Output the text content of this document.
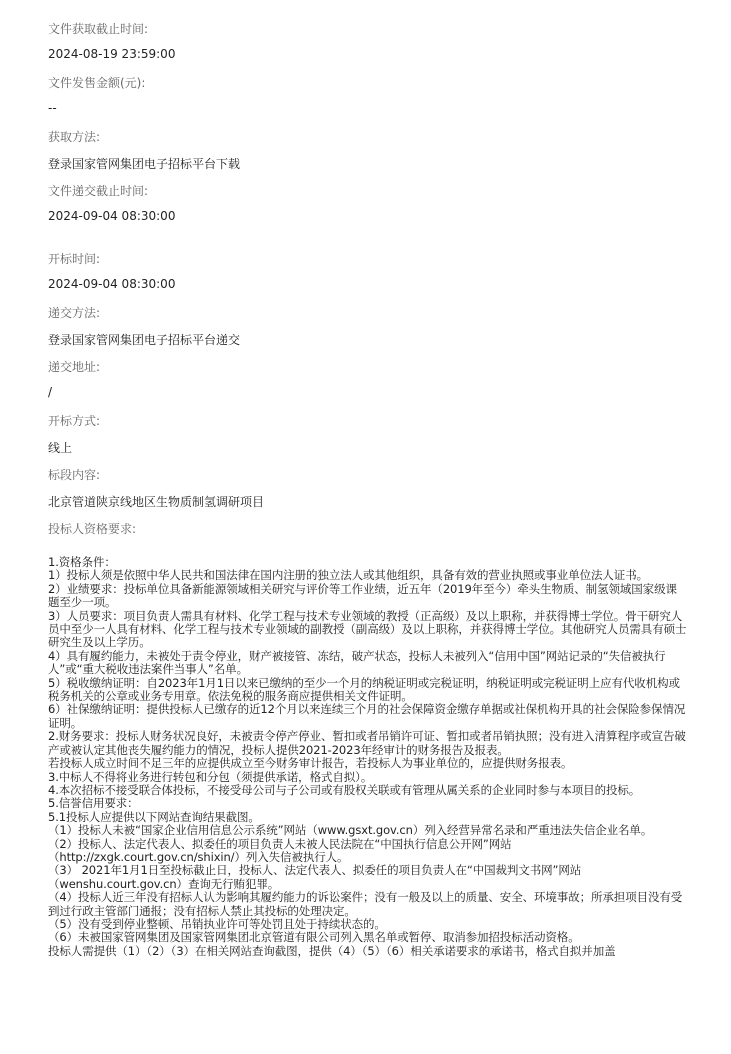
文件获取截止时间:
2024-08-19 23:59:00
文件发售金额(元):
--
获取方法:
登录国家管网集团电子招标平台下载
文件递交截止时间:
2024-09-04 08:30:00
开标时间:
2024-09-04 08:30:00
递交方法:
登录国家管网集团电子招标平台递交
递交地址:
/
开标方式:
线上
标段内容:
北京管道陕京线地区生物质制氢调研项目
投标人资格要求:

1.资格条件：

1）投标人须是依照中华人民共和国法律在国内注册的独立法人或其他组织，具备有效的营业执照或事业单位法人证书。

2）业绩要求：投标单位具备新能源领域相关研究与评价等工作业绩，近五年（2019年至今）牵头生物质、制氢领域国家级课题至少一项。

3）人员要求：项目负责人需具有材料、化学工程与技术专业领域的教授（正高级）及以上职称，并获得博士学位。骨干研究人员中至少一人具有材料、化学工程与技术专业领域的副教授（副高级）及以上职称，并获得博士学位。其他研究人员需具有硕士研究生及以上学历。

4）具有履约能力，未被处于责令停业，财产被接管、冻结，破产状态，投标人未被列入“信用中国”网站记录的“失信被执行人”或“重大税收违法案件当事人”名单。

5）税收缴纳证明：自2023年1月1日以来已缴纳的至少一个月的纳税证明或完税证明，纳税证明或完税证明上应有代收机构或税务机关的公章或业务专用章。依法免税的服务商应提供相关文件证明。

6）社保缴纳证明：提供投标人已缴存的近12个月以来连续三个月的社会保障资金缴存单据或社保机构开具的社会保险参保情况证明。

2.财务要求：投标人财务状况良好，未被责令停产停业、暂扣或者吊销许可证、暂扣或者吊销执照；没有进入清算程序或宣告破产或被认定其他丧失履约能力的情况，投标人提供2021-2023年经审计的财务报告及报表。

若投标人成立时间不足三年的应提供成立至今财务审计报告，若投标人为事业单位的，应提供财务报表。

3.中标人不得将业务进行转包和分包（须提供承诺，格式自拟）。

4.本次招标不接受联合体投标，不接受母公司与子公司或有股权关联或有管理从属关系的企业同时参与本项目的投标。

5.信誉信用要求：

5.1投标人应提供以下网站查询结果截图。

（1）投标人未被“国家企业信用信息公示系统”网站（www.gsxt.gov.cn）列入经营异常名录和严重违法失信企业名单。

（2）投标人、法定代表人、拟委任的项目负责人未被人民法院在“中国执行信息公开网”网站（http://zxgk.court.gov.cn/shixin/）列入失信被执行人。

（3） 2021年1月1日至投标截止日，投标人、法定代表人、拟委任的项目负责人在“中国裁判文书网”网站（wenshu.court.gov.cn）查询无行贿犯罪。

（4）投标人近三年没有招标人认为影响其履约能力的诉讼案件；没有一般及以上的质量、安全、环境事故；所承担项目没有受到过行政主管部门通报；没有招标人禁止其投标的处理决定。

（5）没有受到停业整顿、吊销执业许可等处罚且处于持续状态的。

（6）未被国家管网集团及国家管网集团北京管道有限公司列入黑名单或暂停、取消参加招投标活动资格。

投标人需提供（1）（2）（3）在相关网站查询截图，提供（4）（5）（6）相关承诺要求的承诺书，格式自拟并加盖
